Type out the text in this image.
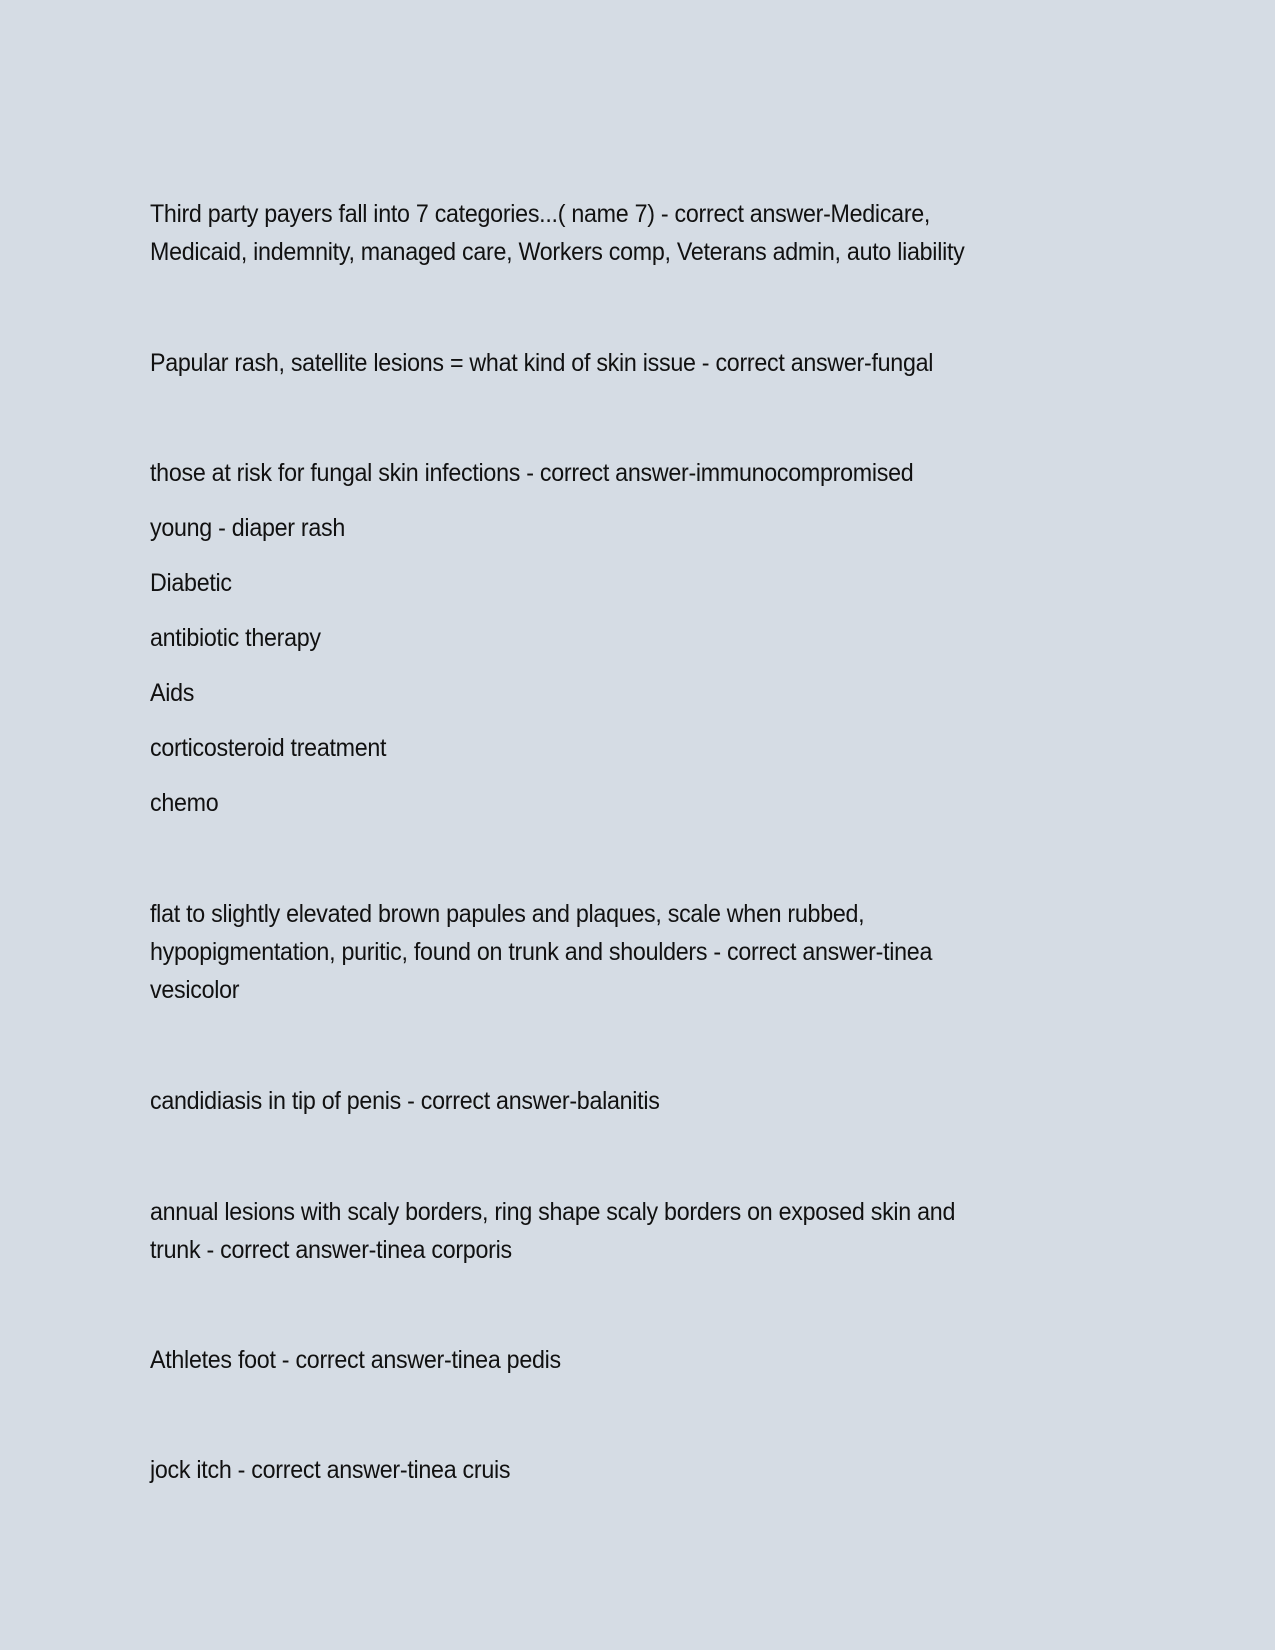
Third party payers fall into 7 categories...( name 7) - correct answer-Medicare,
Medicaid, indemnity, managed care, Workers comp, Veterans admin, auto liability
Papular rash, satellite lesions = what kind of skin issue - correct answer-fungal
those at risk for fungal skin infections - correct answer-immunocompromised
young - diaper rash
Diabetic
antibiotic therapy
Aids
corticosteroid treatment
chemo
flat to slightly elevated brown papules and plaques, scale when rubbed,
hypopigmentation, puritic, found on trunk and shoulders - correct answer-tinea
vesicolor
candidiasis in tip of penis - correct answer-balanitis
annual lesions with scaly borders, ring shape scaly borders on exposed skin and
trunk - correct answer-tinea corporis
Athletes foot - correct answer-tinea pedis
jock itch - correct answer-tinea cruis
